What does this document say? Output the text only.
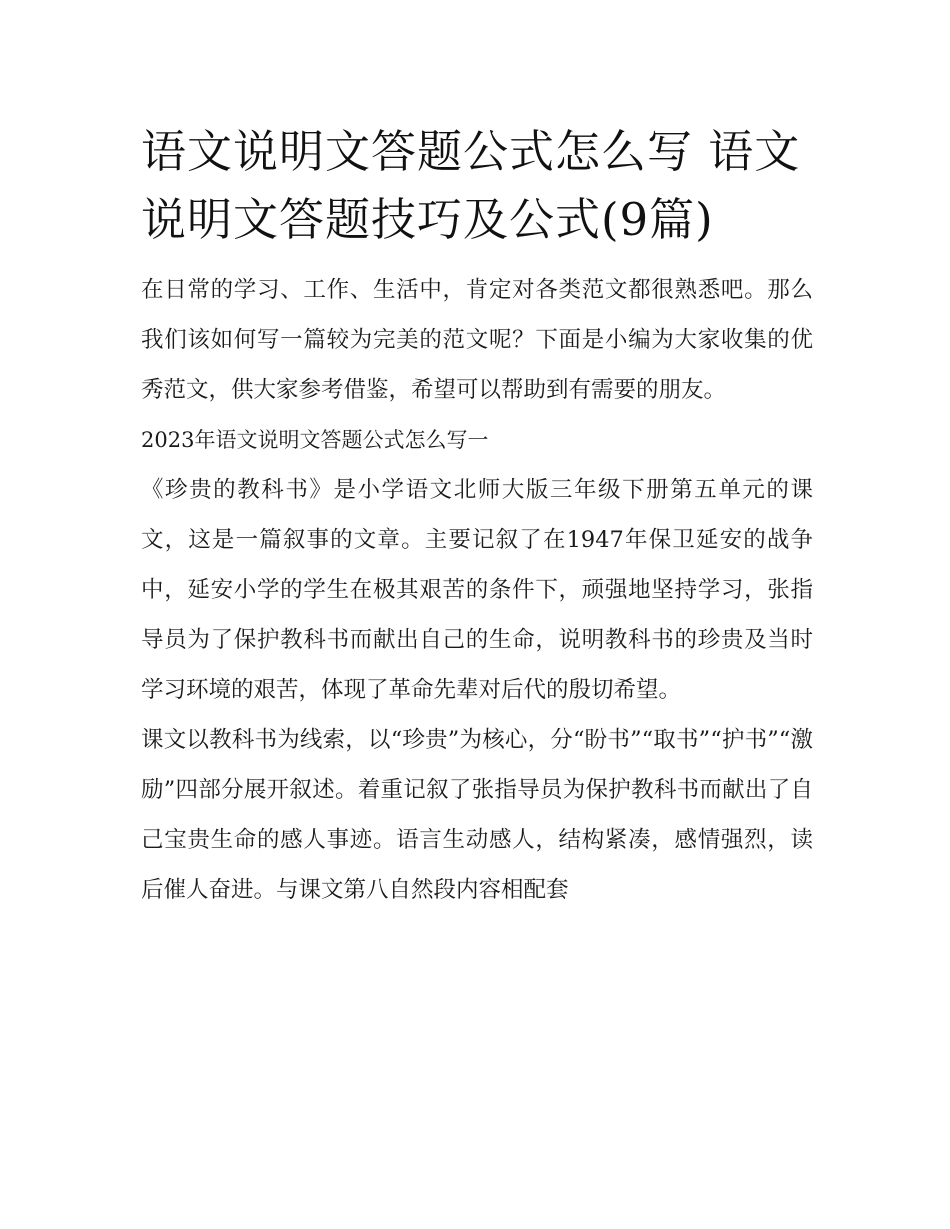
语文说明文答题公式怎么写 语文说明文答题技巧及公式(9篇)

在日常的学习、工作、生活中，肯定对各类范文都很熟悉吧。那么我们该如何写一篇较为完美的范文呢？下面是小编为大家收集的优秀范文，供大家参考借鉴，希望可以帮助到有需要的朋友。

2023年语文说明文答题公式怎么写一

《珍贵的教科书》是小学语文北师大版三年级下册第五单元的课文，这是一篇叙事的文章。主要记叙了在1947年保卫延安的战争中，延安小学的学生在极其艰苦的条件下，顽强地坚持学习，张指导员为了保护教科书而献出自己的生命，说明教科书的珍贵及当时学习环境的艰苦，体现了革命先辈对后代的殷切希望。

课文以教科书为线索，以“珍贵”为核心，分“盼书”“取书”“护书”“激励”四部分展开叙述。着重记叙了张指导员为保护教科书而献出了自己宝贵生命的感人事迹。语言生动感人，结构紧凑，感情强烈，读后催人奋进。与课文第八自然段内容相配套
